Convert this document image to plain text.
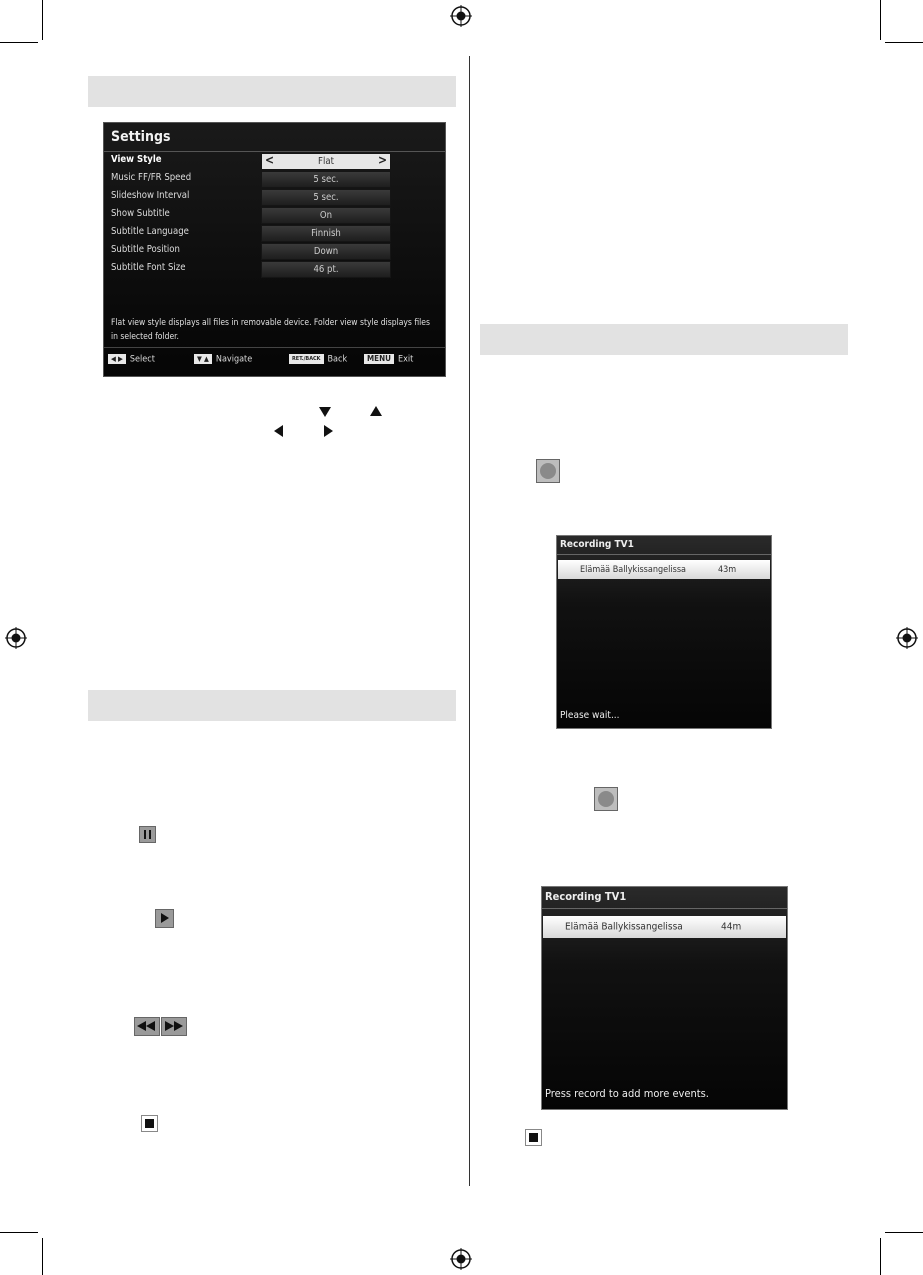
Settings
View Style	<	Flat	>
Music FF/FR Speed	5 sec.
Slideshow Interval	5 sec.
Show Subtitle	On
Subtitle Language	Finnish
Subtitle Position	Down
Subtitle Font Size	46 pt.
Flat view style displays all files in removable device. Folder view style displays files in selected folder.
◀ ▶ Select	▼ ▲ Navigate	RET./BACK Back	MENU Exit
Recording TV1
Elämää Ballykissangelissa	43m
Please wait...
Recording TV1
Elämää Ballykissangelissa	44m
Press record to add more events.
